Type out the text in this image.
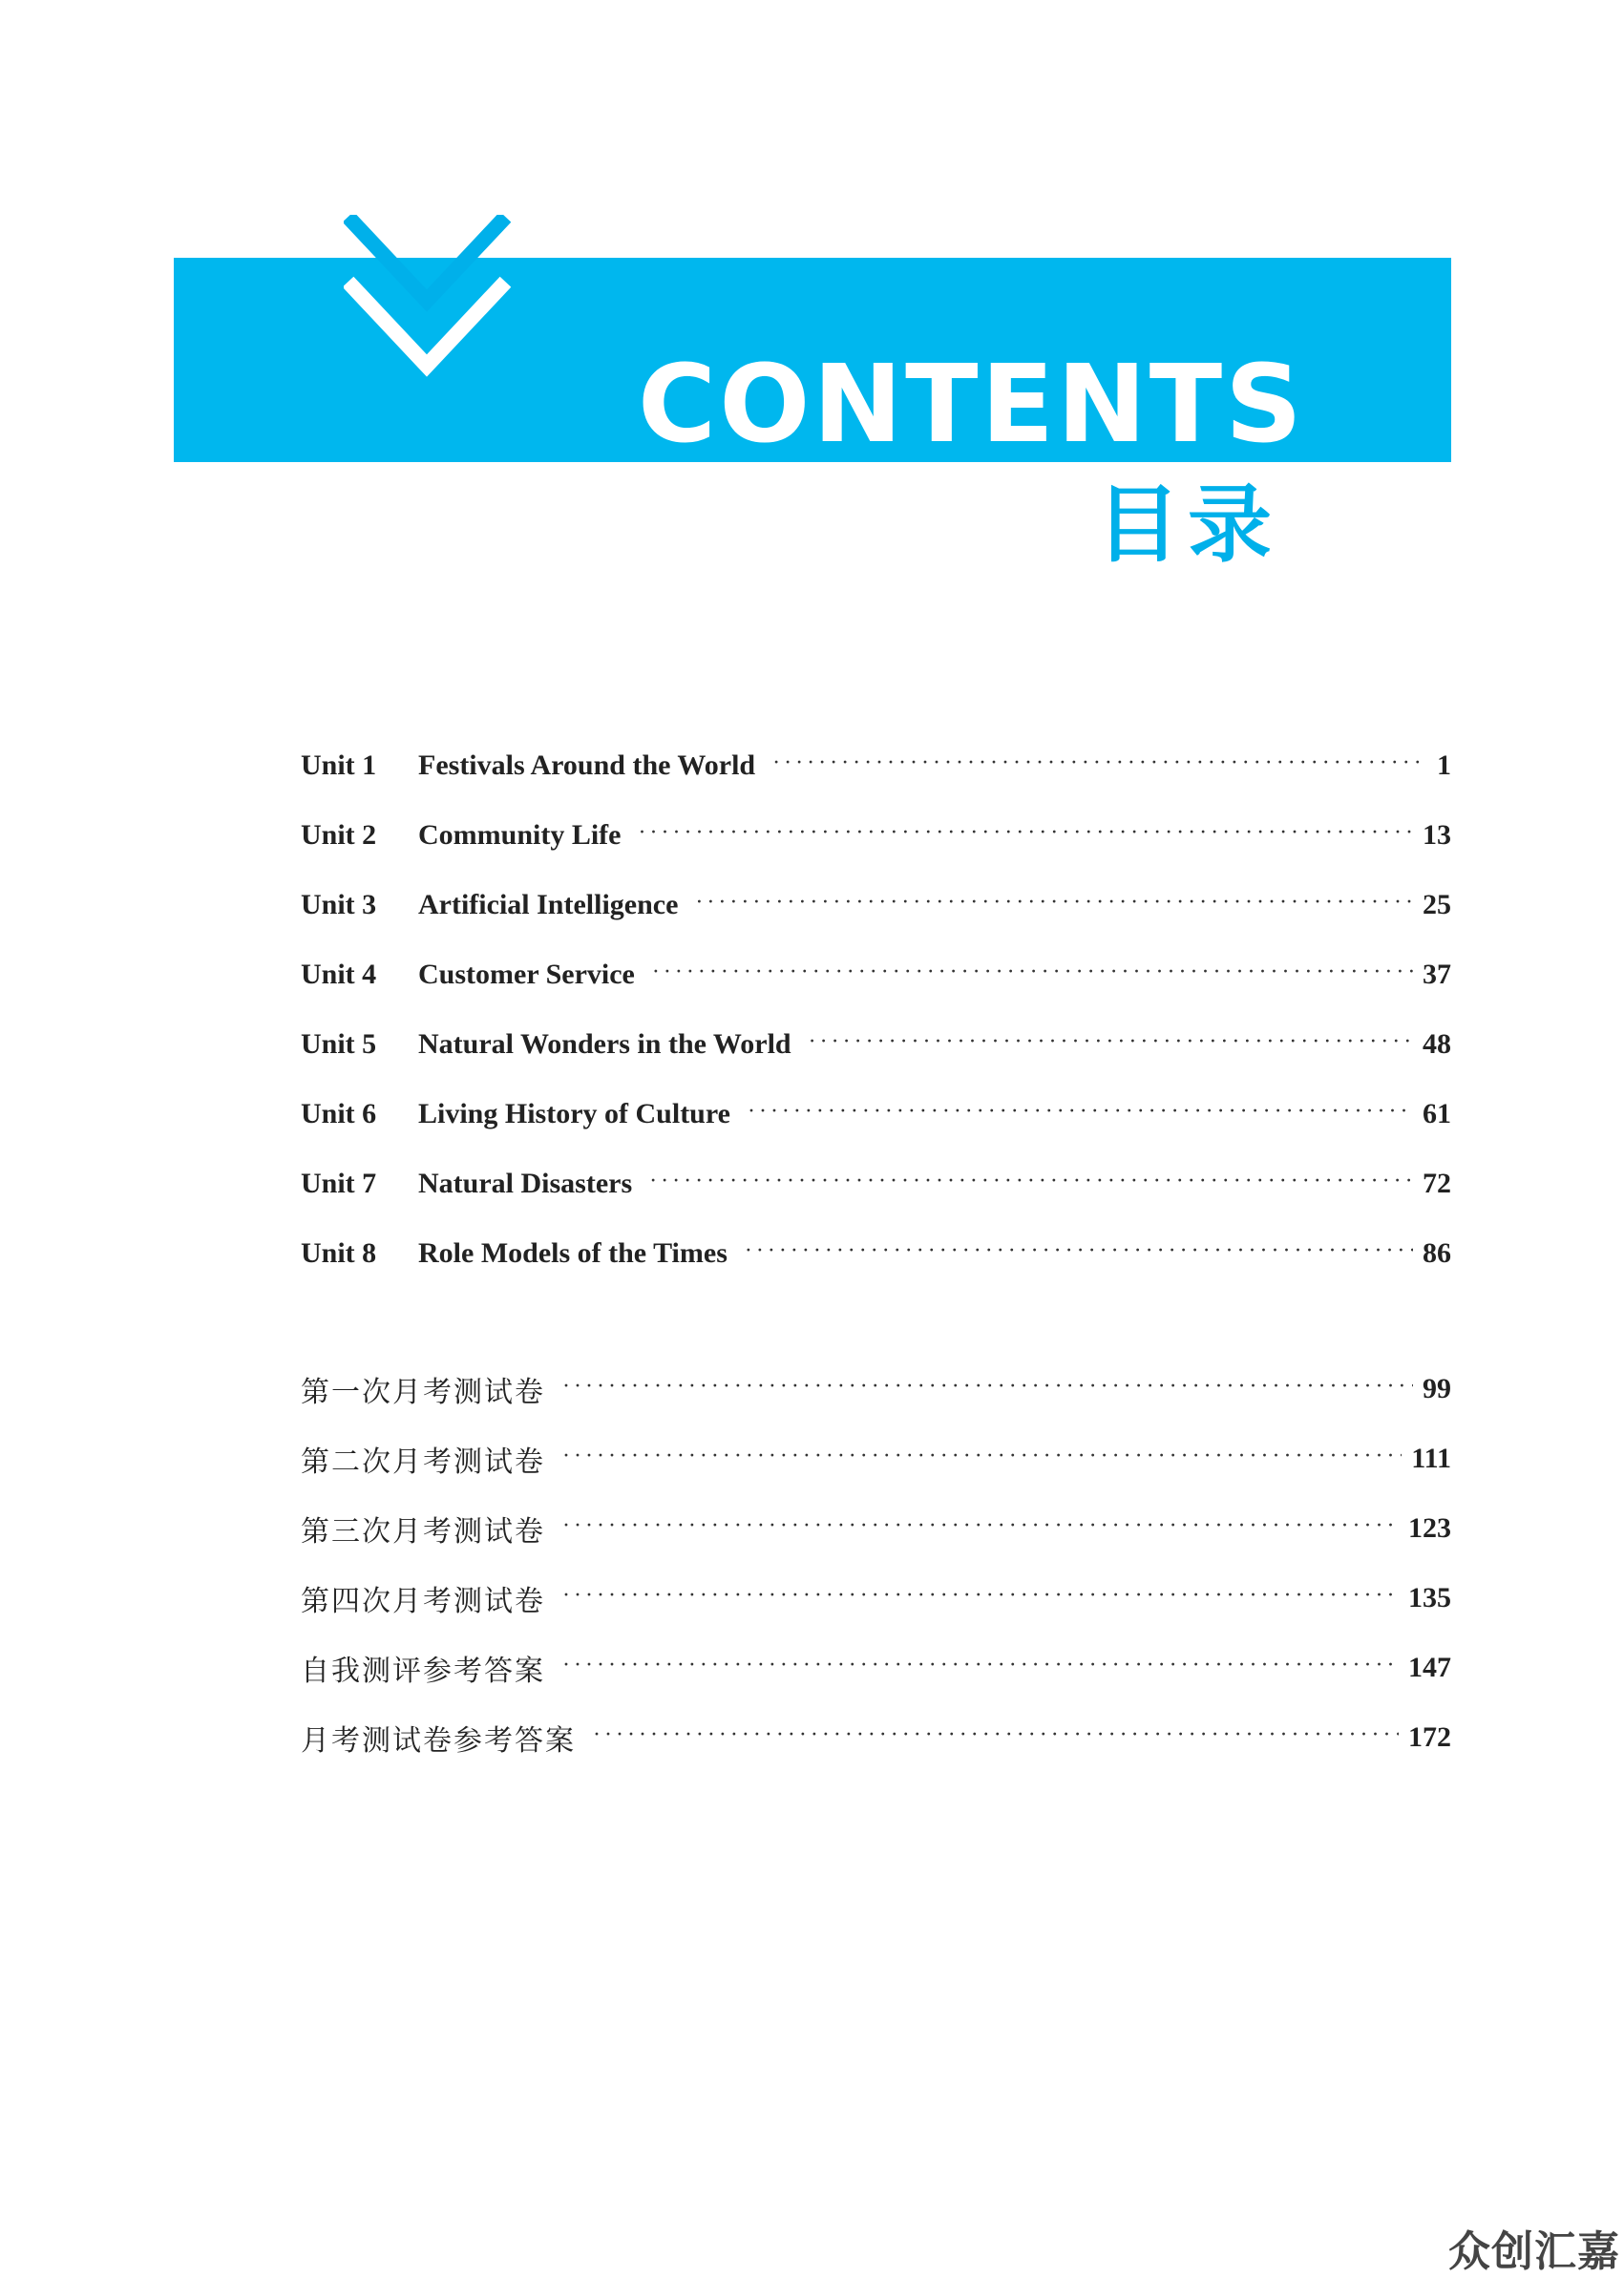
CONTENTS
目录
Unit 1	Festivals Around the World ·····	1
Unit 2	Community Life ·····	13
Unit 3	Artificial Intelligence ·····	25
Unit 4	Customer Service ·····	37
Unit 5	Natural Wonders in the World ·····	48
Unit 6	Living History of Culture ·····	61
Unit 7	Natural Disasters ·····	72
Unit 8	Role Models of the Times ·····	86
第一次月考测试卷 ·····	99
第二次月考测试卷 ·····	111
第三次月考测试卷 ·····	123
第四次月考测试卷 ·····	135
自我测评参考答案 ·····	147
月考测试卷参考答案 ·····	172
众创汇嘉
